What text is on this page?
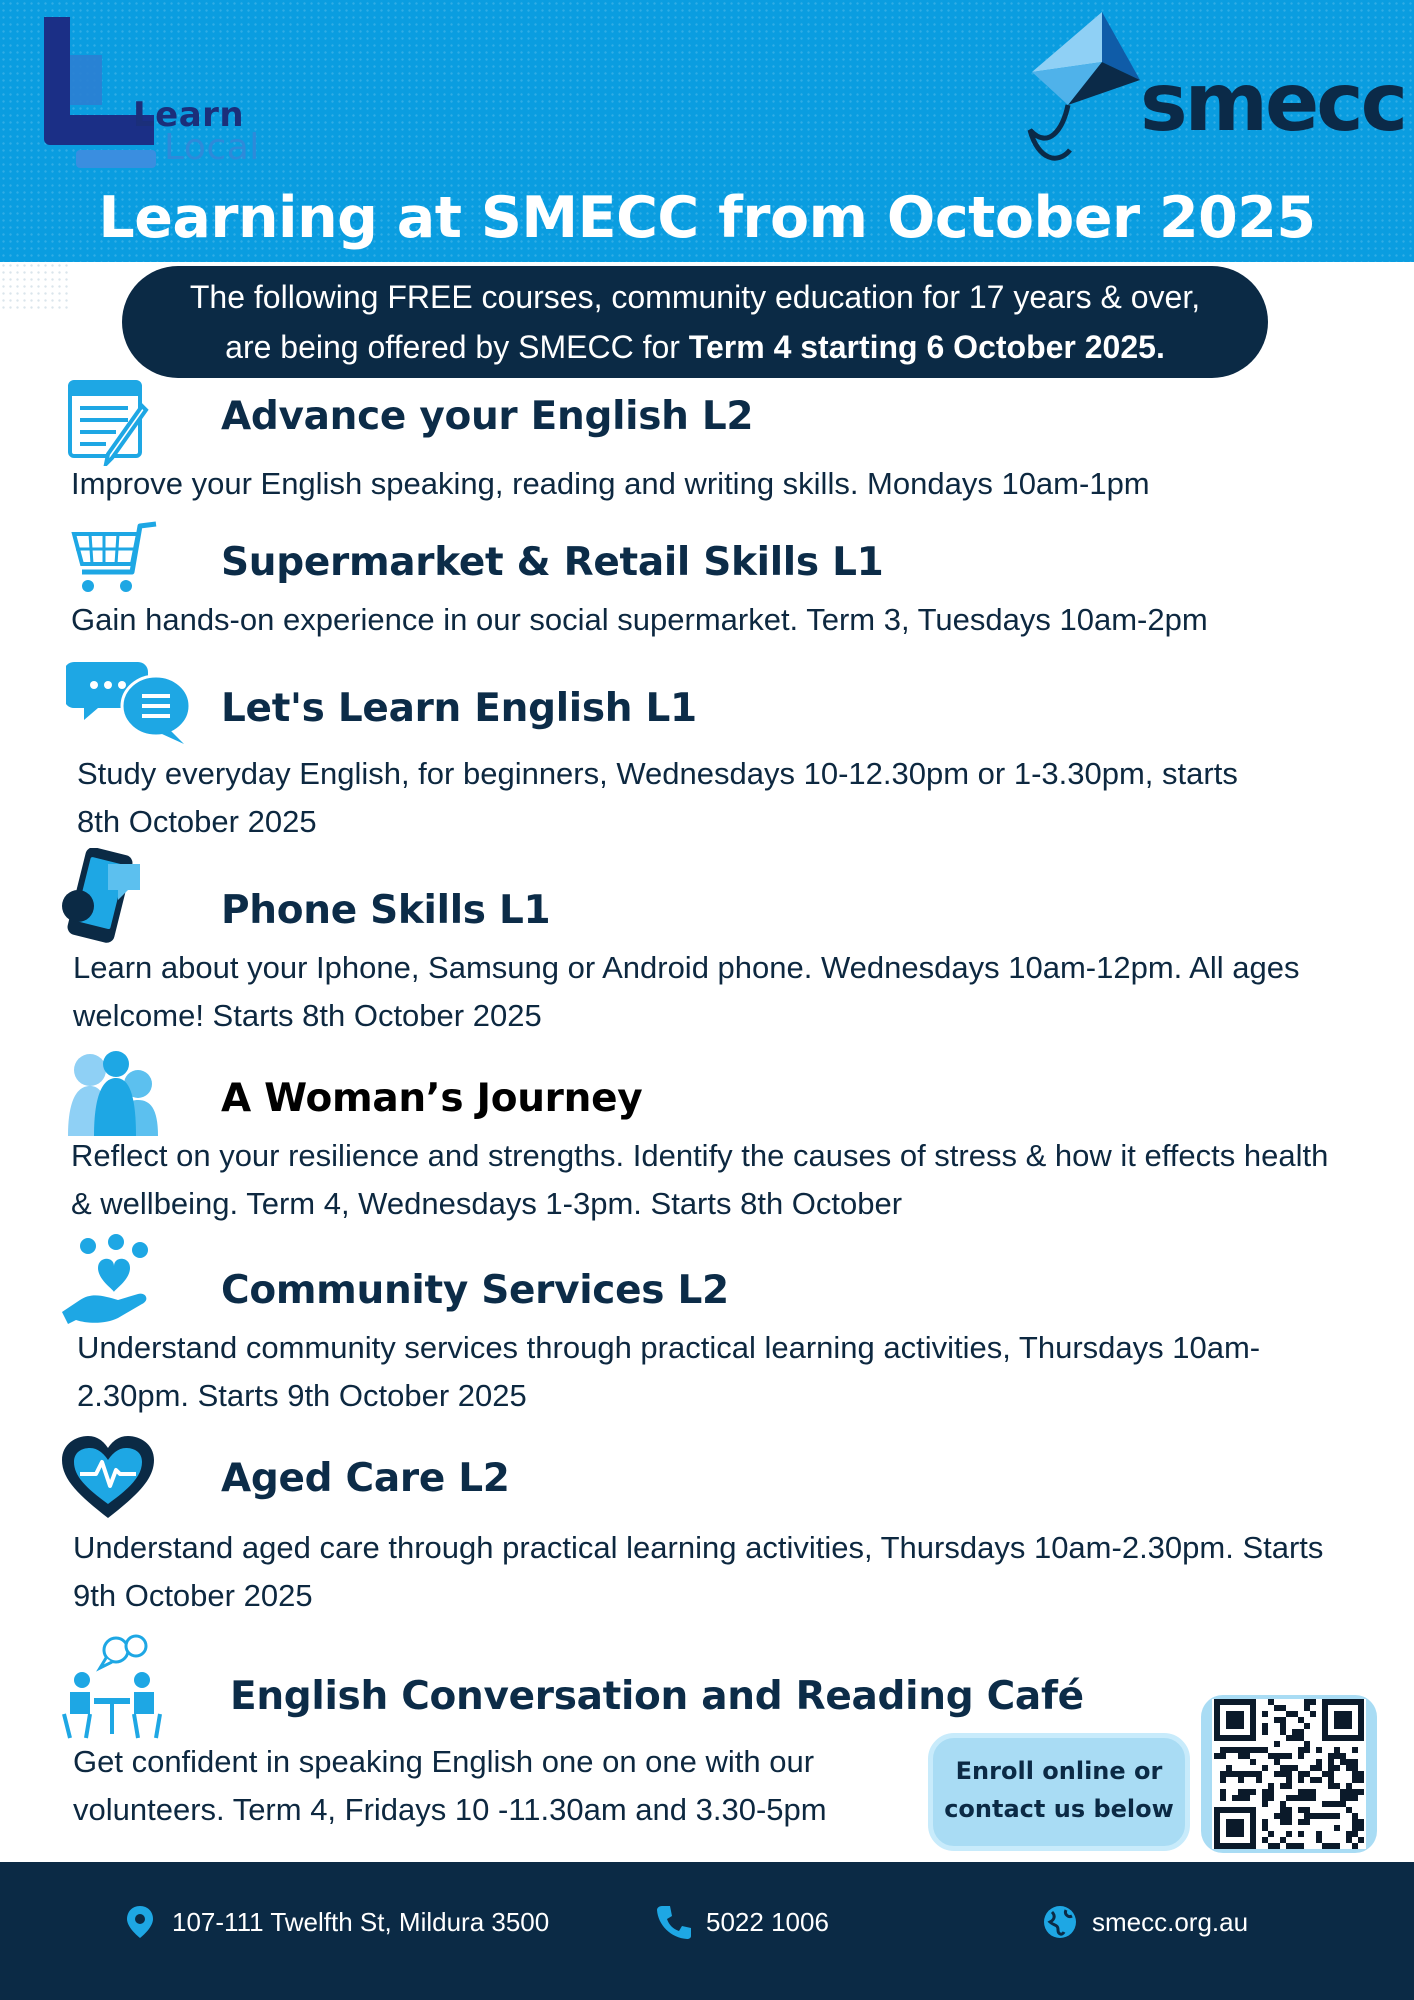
Learn
Local	smecc
Learning at SMECC from October 2025
The following FREE courses, community education for 17 years & over,
are being offered by SMECC for Term 4 starting 6 October 2025.
Advance your English L2
Improve your English speaking, reading and writing skills. Mondays 10am-1pm
Supermarket & Retail Skills L1
Gain hands-on experience in our social supermarket. Term 3, Tuesdays 10am-2pm
Let's Learn English L1
Study everyday English, for beginners, Wednesdays 10-12.30pm or 1-3.30pm, starts 8th October 2025
Phone Skills L1
Learn about your Iphone, Samsung or Android phone. Wednesdays 10am-12pm. All ages welcome! Starts 8th October 2025
A Woman’s Journey
Reflect on your resilience and strengths. Identify the causes of stress & how it effects health & wellbeing. Term 4, Wednesdays 1-3pm. Starts 8th October
Community Services L2
Understand community services through practical learning activities, Thursdays 10am-2.30pm. Starts 9th October 2025
Aged Care L2
Understand aged care through practical learning activities, Thursdays 10am-2.30pm. Starts 9th October 2025
English Conversation and Reading Café
Get confident in speaking English one on one with our volunteers. Term 4, Fridays 10 -11.30am and 3.30-5pm
Enroll online or
contact us below
107-111 Twelfth St, Mildura 3500	5022 1006	smecc.org.au
